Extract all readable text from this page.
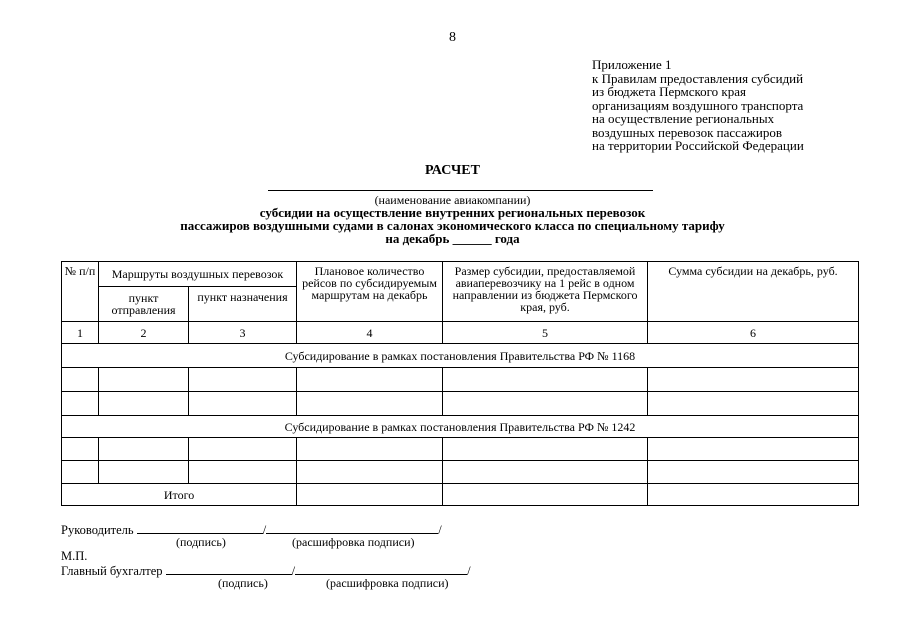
8
Приложение 1
к Правилам предоставления субсидий
из бюджета Пермского края
организациям воздушного транспорта
на осуществление региональных
воздушных перевозок пассажиров
на территории Российской Федерации
РАСЧЕТ
(наименование авиакомпании)
субсидии на осуществление внутренних региональных перевозок
пассажиров воздушными судами в салонах экономического класса по специальному тарифу
на декабрь ______ года
№ п/п	Маршруты воздушных перевозок		Плановое количество рейсов по субсидируемым маршрутам на декабрь	Размер субсидии, предоставляемой авиаперевозчику на 1 рейс в одном направлении из бюджета Пермского края, руб.	Сумма субсидии на декабрь, руб.
	пункт отправления	пункт назначения			
1	2	3	4	5	6
Субсидирование в рамках постановления Правительства РФ № 1168					

Субсидирование в рамках постановления Правительства РФ № 1242					

Итого					
Руководитель	/	/
(подпись)	(расшифровка подписи)
М.П.
Главный бухгалтер	/	/
(подпись)	(расшифровка подписи)
